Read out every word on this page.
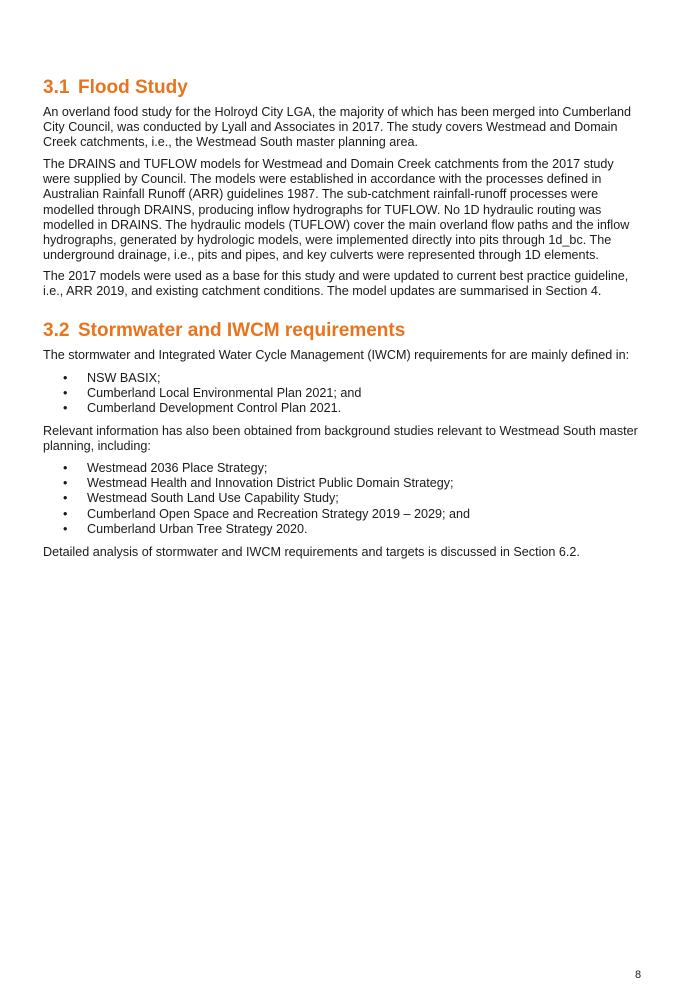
3.1 Flood Study

An overland food study for the Holroyd City LGA, the majority of which has been merged into Cumberland City Council, was conducted by Lyall and Associates in 2017. The study covers Westmead and Domain Creek catchments, i.e., the Westmead South master planning area.

The DRAINS and TUFLOW models for Westmead and Domain Creek catchments from the 2017 study were supplied by Council. The models were established in accordance with the processes defined in Australian Rainfall Runoff (ARR) guidelines 1987. The sub-catchment rainfall-runoff processes were modelled through DRAINS, producing inflow hydrographs for TUFLOW. No 1D hydraulic routing was modelled in DRAINS. The hydraulic models (TUFLOW) cover the main overland flow paths and the inflow hydrographs, generated by hydrologic models, were implemented directly into pits through 1d_bc. The underground drainage, i.e., pits and pipes, and key culverts were represented through 1D elements.

The 2017 models were used as a base for this study and were updated to current best practice guideline, i.e., ARR 2019, and existing catchment conditions. The model updates are summarised in Section 4.

3.2 Stormwater and IWCM requirements

The stormwater and Integrated Water Cycle Management (IWCM) requirements for are mainly defined in:

• NSW BASIX;
• Cumberland Local Environmental Plan 2021; and
• Cumberland Development Control Plan 2021.

Relevant information has also been obtained from background studies relevant to Westmead South master planning, including:

• Westmead 2036 Place Strategy;
• Westmead Health and Innovation District Public Domain Strategy;
• Westmead South Land Use Capability Study;
• Cumberland Open Space and Recreation Strategy 2019 – 2029; and
• Cumberland Urban Tree Strategy 2020.

Detailed analysis of stormwater and IWCM requirements and targets is discussed in Section 6.2.

8
